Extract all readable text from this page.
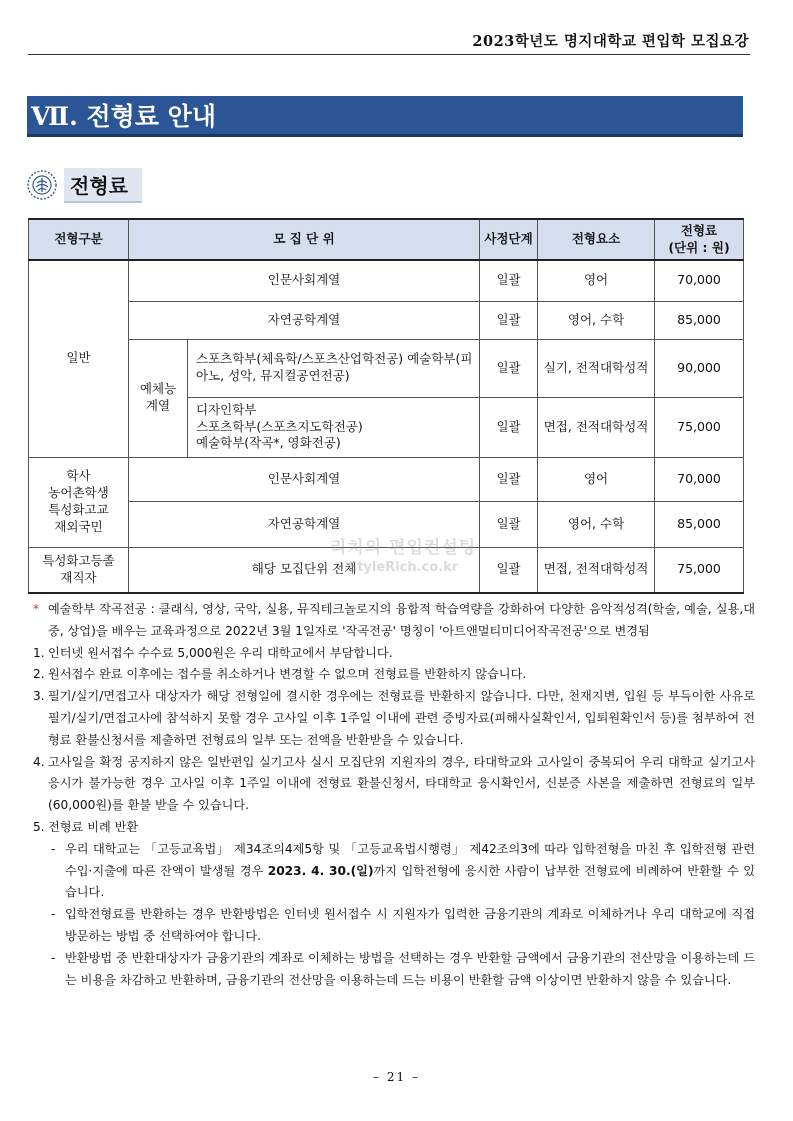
2023학년도 명지대학교 편입학 모집요강
Ⅶ. 전형료 안내
전형료
전형구분	모 집 단 위		사정단계	전형요소	전형료
(단위 : 원)

일반	인문사회계열		일괄	영어	70,000
	자연공학계열		일괄	영어, 수학	85,000
	예체능 계열	스포츠학부(체육학/스포츠산업학전공) 예술학부(피아노, 성악, 뮤지컬공연전공)	일괄	실기, 전적대학성적	90,000

		디자인학부
스포츠학부(스포츠지도학전공)
예술학부(작곡*, 영화전공)	일괄	면접, 전적대학성적	75,000

학사
농어촌학생
특성화고교
재외국민	인문사회계열		일괄	영어	70,000
	자연공학계열		일괄	영어, 수학	85,000
특성화고등졸 재직자	해당 모집단위 전체		일괄	면접, 전적대학성적	75,000
리치의 편입컨설팅
StyleRich.co.kr

* 예술학부 작곡전공 : 클래식, 영상, 국악, 실용, 뮤직테크놀로지의 융합적 학습역량을 강화하여 다양한 음악적성격(학술, 예술, 실용,대중, 상업)을 배우는 교육과정으로 2022년 3월 1일자로 '작곡전공' 명칭이 '아트앤멀티미디어작곡전공'으로 변경됨

1. 인터넷 원서접수 수수료 5,000원은 우리 대학교에서 부담합니다.

2. 원서접수 완료 이후에는 접수를 취소하거나 변경할 수 없으며 전형료를 반환하지 않습니다.

3. 필기/실기/면접고사 대상자가 해당 전형일에 결시한 경우에는 전형료를 반환하지 않습니다. 다만, 천재지변, 입원 등 부득이한 사유로 필기/실기/면접고사에 참석하지 못할 경우 고사일 이후 1주일 이내에 관련 증빙자료(피해사실확인서, 입퇴원확인서 등)를 첨부하여 전형료 환불신청서를 제출하면 전형료의 일부 또는 전액을 반환받을 수 있습니다.

4. 고사일을 확정 공지하지 않은 일반편입 실기고사 실시 모집단위 지원자의 경우, 타대학교와 고사일이 중복되어 우리 대학교 실기고사 응시가 불가능한 경우 고사일 이후 1주일 이내에 전형료 환불신청서, 타대학교 응시확인서, 신분증 사본을 제출하면 전형료의 일부(60,000원)를 환불 받을 수 있습니다.

5. 전형료 비례 반환

- 우리 대학교는 「고등교육법」 제34조의4제5항 및 「고등교육법시행령」 제42조의3에 따라 입학전형을 마친 후 입학전형 관련 수입·지출에 따른 잔액이 발생될 경우 2023. 4. 30.(일)까지 입학전형에 응시한 사람이 납부한 전형료에 비례하여 반환할 수 있습니다.

- 입학전형료를 반환하는 경우 반환방법은 인터넷 원서접수 시 지원자가 입력한 금융기관의 계좌로 이체하거나 우리 대학교에 직접 방문하는 방법 중 선택하여야 합니다.

- 반환방법 중 반환대상자가 금융기관의 계좌로 이체하는 방법을 선택하는 경우 반환할 금액에서 금융기관의 전산망을 이용하는데 드는 비용을 차감하고 반환하며, 금융기관의 전산망을 이용하는데 드는 비용이 반환할 금액 이상이면 반환하지 않을 수 있습니다.

– 21 –
